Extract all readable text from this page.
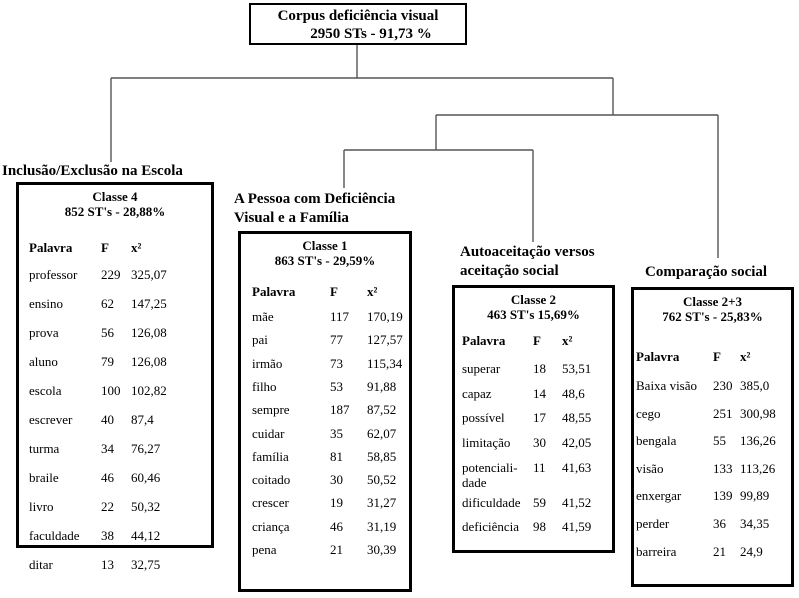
Corpus deficiência visual
2950 STs - 91,73 %
Inclusão/Exclusão na Escola
A Pessoa com Deficiência
Visual e a Família
Autoaceitação versos
aceitação social	Comparação social
Classe 4
852 ST's - 28,88%
Palavra F x²
professor 229 325,07
ensino	62 147,25
prova	56 126,08
aluno	79 126,08
escola	100 102,82
escrever 40 87,4
turma	34 76,27
braile	46 60,46
livro	22 50,32
faculdade 38 44,12
ditar	13 32,75
Classe 1
863 ST's - 29,59%
Palavra	F x²
mãe	117 170,19
pai	77 127,57
irmão	73 115,34
filho	53 91,88
sempre	187 87,52
cuidar	35 62,07
família	81 58,85
coitado	30 50,52
crescer	19 31,27
criança	46 31,19
pena	21 30,39
Classe 2
463 ST's 15,69%
Palavra F x²
superar	18 53,51
capaz	14 48,6
possível 17 48,55
limitação 30 42,05
potenciali- 11 41,63
dade
dificuldade 59 41,52
deficiência 98 41,59
Classe 2+3
762 ST's - 25,83%
Palavra	F x²
Baixa visão 230 385,0
cego	251 300,98
bengala	55 136,26
visão	133 113,26
enxergar 139 99,89
perder	36 34,35
barreira	21 24,9
